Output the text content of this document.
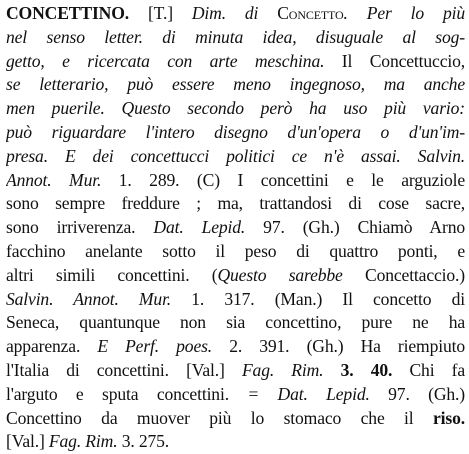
CONCETTINO. [T.] Dim. di Concetto. Per lo più
nel senso letter. di minuta idea, disuguale al sog-
getto, e ricercata con arte meschina. Il Concettuccio,
se letterario, può essere meno ingegnoso, ma anche
men puerile. Questo secondo però ha uso più vario:
può riguardare l'intero disegno d'un'opera o d'un'im-
presa. E dei concettucci politici ce n'è assai. Salvin.
Annot. Mur. 1. 289. (C) I concettini e le arguziole
sono sempre freddure ; ma, trattandosi di cose sacre,
sono irriverenza. Dat. Lepid. 97. (Gh.) Chiamò Arno
facchino anelante sotto il peso di quattro ponti, e
altri simili concettini. (Questo sarebbe Concettaccio.)
Salvin. Annot. Mur. 1. 317. (Man.) Il concetto di
Seneca, quantunque non sia concettino, pure ne ha
apparenza. E Perf. poes. 2. 391. (Gh.) Ha riempiuto
l'Italia di concettini. [Val.] Fag. Rim. 3. 40. Chi fa
l'arguto e sputa concettini. = Dat. Lepid. 97. (Gh.)
Concettino da muover più lo stomaco che il riso.
[Val.] Fag. Rim. 3. 275.
